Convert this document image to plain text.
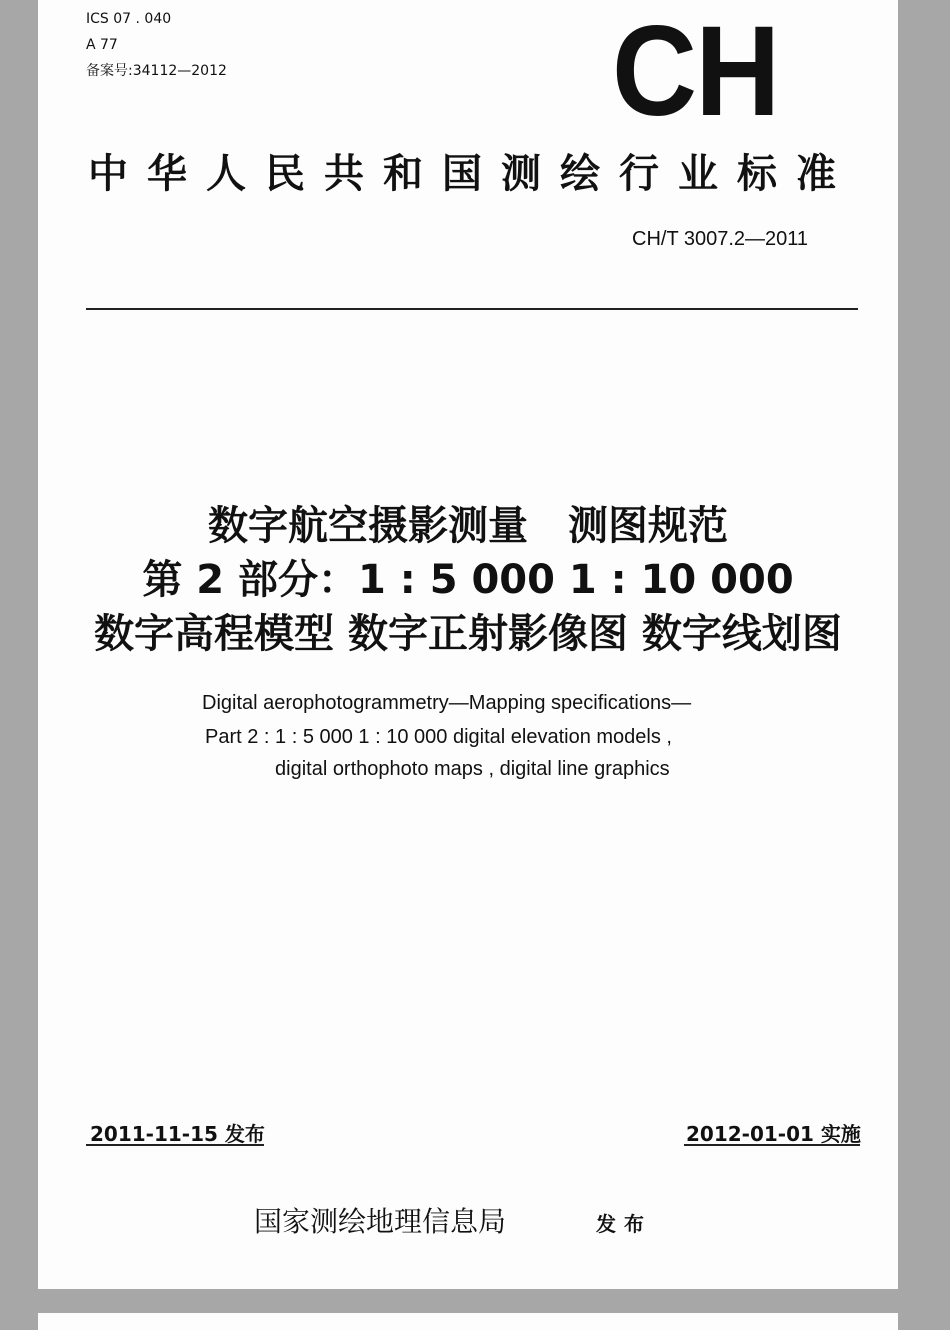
ICS 07 . 040
A 77
备案号:34112—2012	CH
中华人民共和国测绘行业标准
CH/T 3007.2—2011
数字航空摄影测量　测图规范
第 2 部分：1 : 5 000 1 : 10 000
数字高程模型 数字正射影像图 数字线划图
Digital aerophotogrammetry—Mapping specifications—
Part 2 : 1 : 5 000 1 : 10 000 digital elevation models ,
digital orthophoto maps , digital line graphics
2011-11-15 发布	2012-01-01 实施
国家测绘地理信息局	发布
